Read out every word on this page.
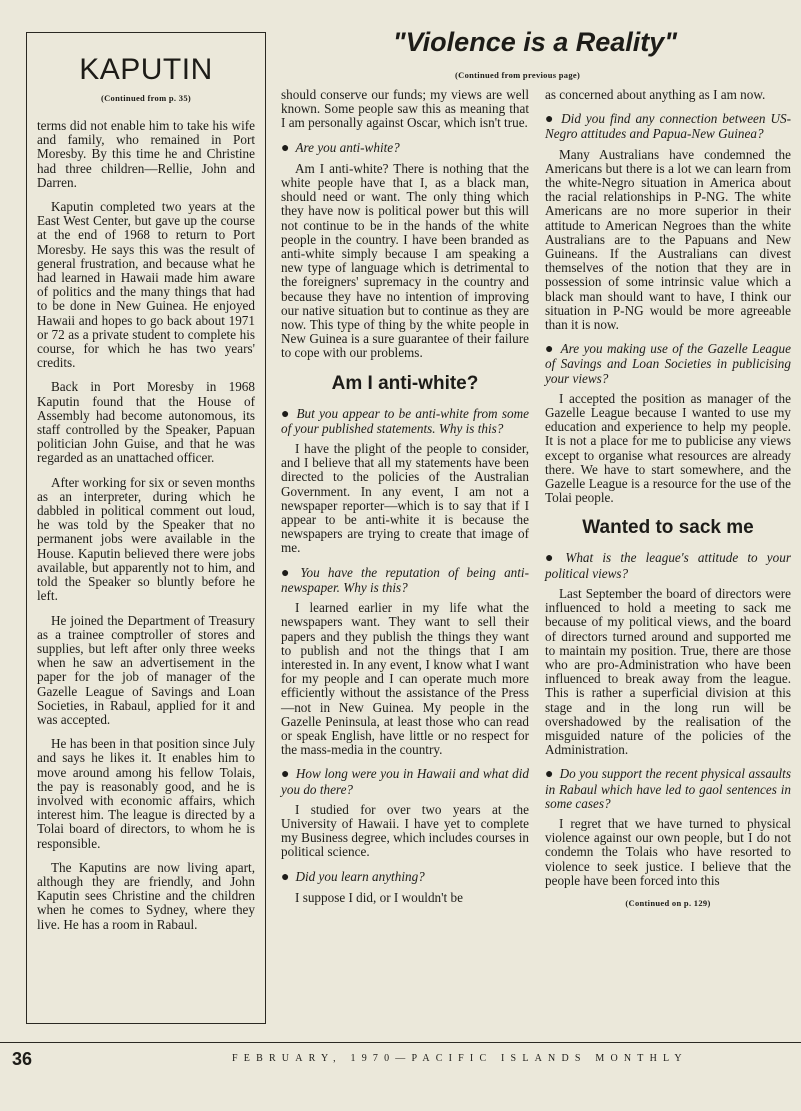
KAPUTIN
(Continued from p. 35)

terms did not enable him to take his wife and family, who remained in Port Moresby. By this time he and Christine had three children—Rellie, John and Darren.

Kaputin completed two years at the East West Center, but gave up the course at the end of 1968 to return to Port Moresby. He says this was the result of general frustration, and because what he had learned in Hawaii made him aware of politics and the many things that had to be done in New Guinea. He enjoyed Hawaii and hopes to go back about 1971 or 72 as a private student to complete his course, for which he has two years' credits.

Back in Port Moresby in 1968 Kaputin found that the House of Assembly had become autonomous, its staff controlled by the Speaker, Papuan politician John Guise, and that he was regarded as an unattached officer.

After working for six or seven months as an interpreter, during which he dabbled in political comment out loud, he was told by the Speaker that no permanent jobs were available in the House. Kaputin believed there were jobs available, but apparently not to him, and told the Speaker so bluntly before he left.

He joined the Department of Treasury as a trainee comptroller of stores and supplies, but left after only three weeks when he saw an advertisement in the paper for the job of manager of the Gazelle League of Savings and Loan Societies, in Rabaul, applied for it and was accepted.

He has been in that position since July and says he likes it. It enables him to move around among his fellow Tolais, the pay is reasonably good, and he is involved with economic affairs, which interest him. The league is directed by a Tolai board of directors, to whom he is responsible.

The Kaputins are now living apart, although they are friendly, and John Kaputin sees Christine and the children when he comes to Sydney, where they live. He has a room in Rabaul.

"Violence is a Reality"
(Continued from previous page)

should conserve our funds; my views are well known. Some people saw this as meaning that I am personally against Oscar, which isn't true.

● Are you anti-white?

Am I anti-white? There is nothing that the white people have that I, as a black man, should need or want. The only thing which they have now is political power but this will not continue to be in the hands of the white people in the country. I have been branded as anti-white simply because I am speaking a new type of language which is detrimental to the foreigners' supremacy in the country and because they have no intention of improving our native situation but to continue as they are now. This type of thing by the white people in New Guinea is a sure guarantee of their failure to cope with our problems.

Am I anti-white?
● But you appear to be anti-white from some of your published statements. Why is this?

I have the plight of the people to consider, and I believe that all my statements have been directed to the policies of the Australian Government. In any event, I am not a newspaper reporter—which is to say that if I appear to be anti-white it is because the newspapers are trying to create that image of me.

● You have the reputation of being anti-newspaper. Why is this?

I learned earlier in my life what the newspapers want. They want to sell their papers and they publish the things they want to publish and not the things that I am interested in. In any event, I know what I want for my people and I can operate much more efficiently without the assistance of the Press—not in New Guinea. My people in the Gazelle Peninsula, at least those who can read or speak English, have little or no respect for the mass-media in the country.

● How long were you in Hawaii and what did you do there?

I studied for over two years at the University of Hawaii. I have yet to complete my Business degree, which includes courses in political science.

● Did you learn anything?

I suppose I did, or I wouldn't be

as concerned about anything as I am now.

● Did you find any connection between US-Negro attitudes and Papua-New Guinea?

Many Australians have condemned the Americans but there is a lot we can learn from the white-Negro situation in America about the racial relationships in P-NG. The white Americans are no more superior in their attitude to American Negroes than the white Australians are to the Papuans and New Guineans. If the Australians can divest themselves of the notion that they are in possession of some intrinsic value which a black man should want to have, I think our situation in P-NG would be more agreeable than it is now.

● Are you making use of the Gazelle League of Savings and Loan Societies in publicising your views?

I accepted the position as manager of the Gazelle League because I wanted to use my education and experience to help my people. It is not a place for me to publicise any views except to organise what resources are already there. We have to start somewhere, and the Gazelle League is a resource for the use of the Tolai people.

Wanted to sack me
● What is the league's attitude to your political views?

Last September the board of directors were influenced to hold a meeting to sack me because of my political views, and the board of directors turned around and supported me to maintain my position. True, there are those who are pro-Administration who have been influenced to break away from the league. This is rather a superficial division at this stage and in the long run will be overshadowed by the realisation of the misguided nature of the policies of the Administration.

● Do you support the recent physical assaults in Rabaul which have led to gaol sentences in some cases?

I regret that we have turned to physical violence against our own people, but I do not condemn the Tolais who have resorted to violence to seek justice. I believe that the people have been forced into this

(Continued on p. 129)
36	FEBRUARY, 1970—PACIFIC ISLANDS MONTHLY
